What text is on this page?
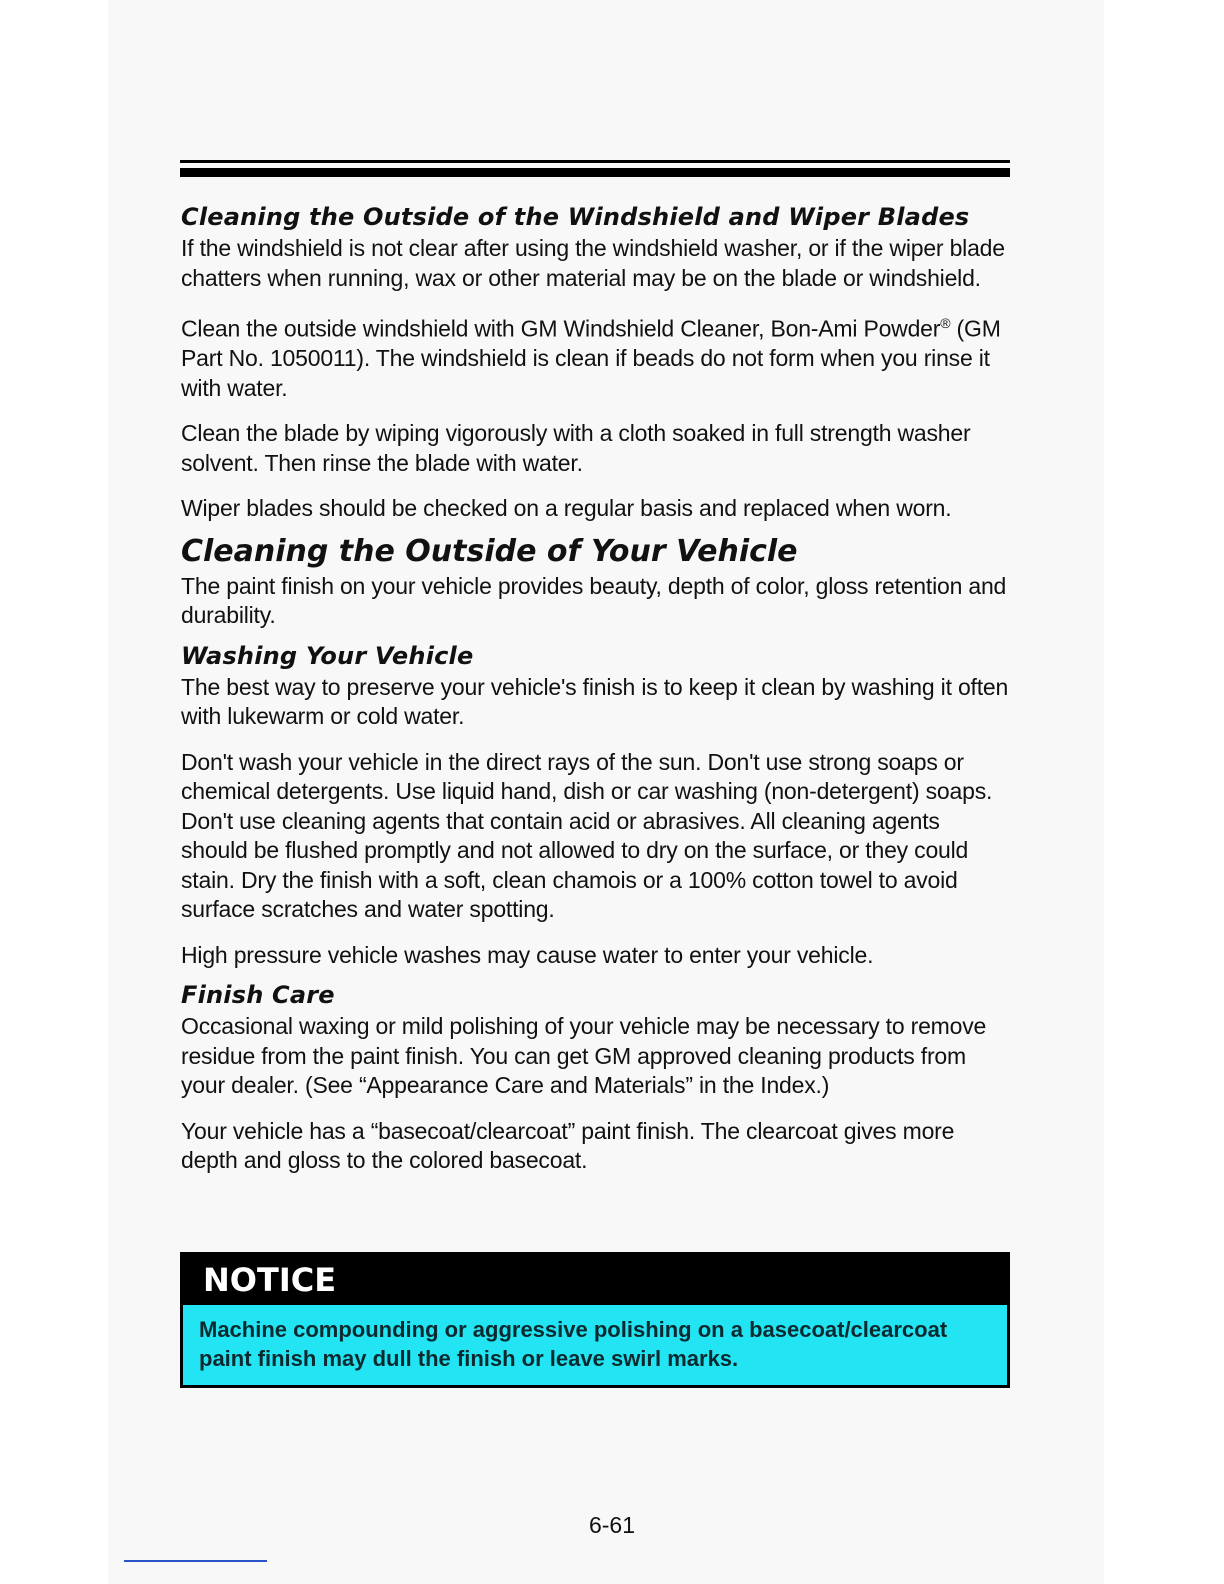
Cleaning the Outside of the Windshield and Wiper Blades

If the windshield is not clear after using the windshield washer, or if the wiper blade chatters when running, wax or other material may be on the blade or windshield.

Clean the outside windshield with GM Windshield Cleaner, Bon-Ami Powder® (GM Part No. 1050011). The windshield is clean if beads do not form when you rinse it with water.

Clean the blade by wiping vigorously with a cloth soaked in full strength washer solvent. Then rinse the blade with water.

Wiper blades should be checked on a regular basis and replaced when worn.

Cleaning the Outside of Your Vehicle

The paint finish on your vehicle provides beauty, depth of color, gloss retention and durability.

Washing Your Vehicle

The best way to preserve your vehicle's finish is to keep it clean by washing it often with lukewarm or cold water.

Don't wash your vehicle in the direct rays of the sun. Don't use strong soaps or chemical detergents. Use liquid hand, dish or car washing (non-detergent) soaps. Don't use cleaning agents that contain acid or abrasives. All cleaning agents should be flushed promptly and not allowed to dry on the surface, or they could stain. Dry the finish with a soft, clean chamois or a 100% cotton towel to avoid surface scratches and water spotting.

High pressure vehicle washes may cause water to enter your vehicle.

Finish Care

Occasional waxing or mild polishing of your vehicle may be necessary to remove residue from the paint finish. You can get GM approved cleaning products from your dealer. (See “Appearance Care and Materials” in the Index.)

Your vehicle has a “basecoat/clearcoat” paint finish. The clearcoat gives more depth and gloss to the colored basecoat.

NOTICE
Machine compounding or aggressive polishing on a basecoat/clearcoat paint finish may dull the finish or leave swirl marks.
6-61
